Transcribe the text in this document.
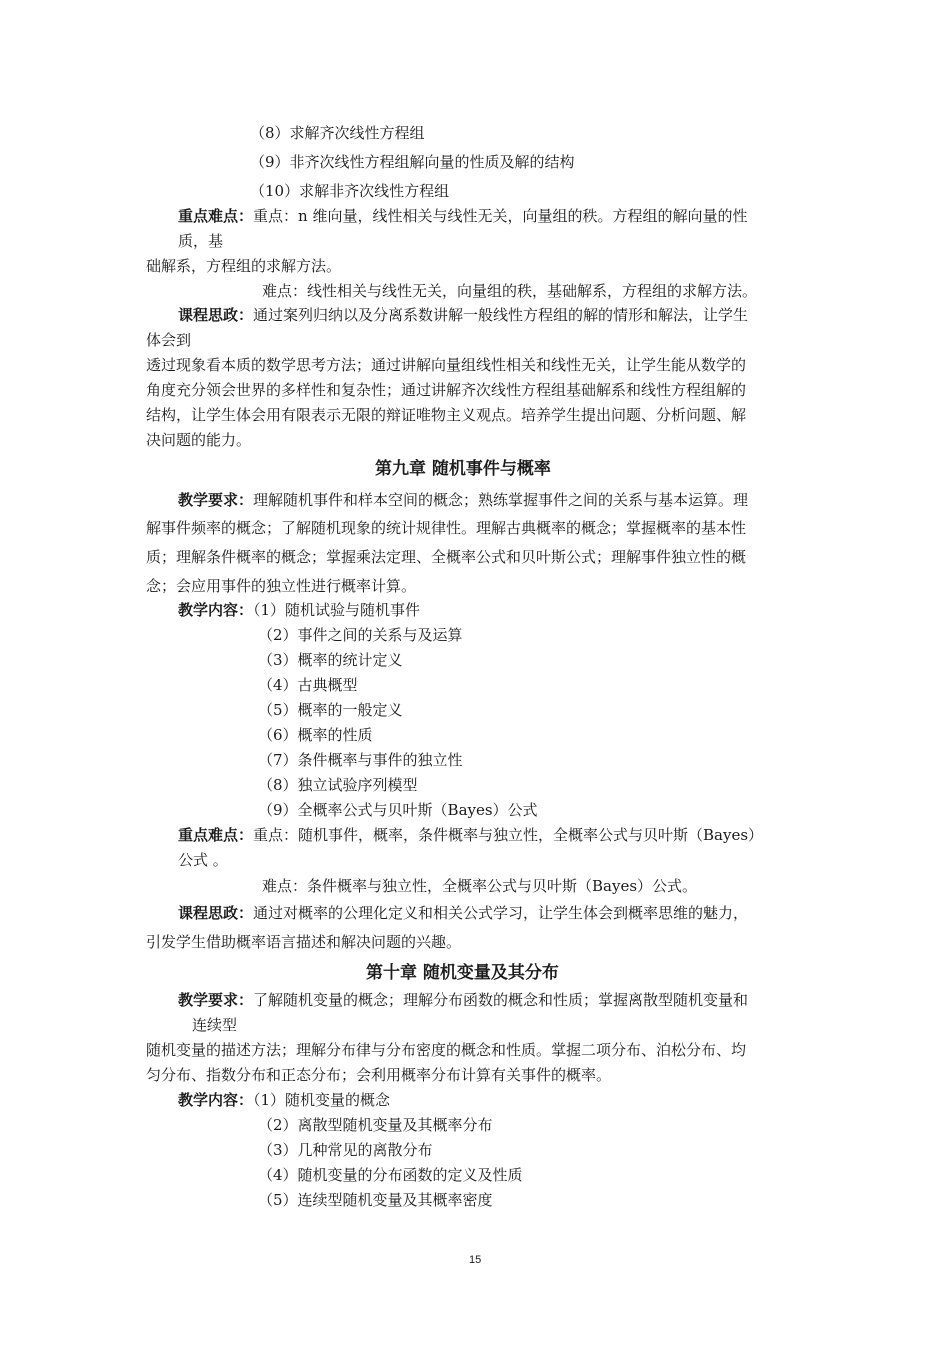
（8）求解齐次线性方程组
（9）非齐次线性方程组解向量的性质及解的结构
（10）求解非齐次线性方程组
重点难点：重点：n 维向量，线性相关与线性无关，向量组的秩。方程组的解向量的性
质，基
础解系，方程组的求解方法。
难点：线性相关与线性无关，向量组的秩，基础解系，方程组的求解方法。
课程思政：通过案列归纳以及分离系数讲解一般线性方程组的解的情形和解法，让学生
体会到
透过现象看本质的数学思考方法；通过讲解向量组线性相关和线性无关，让学生能从数学的
角度充分领会世界的多样性和复杂性；通过讲解齐次线性方程组基础解系和线性方程组解的
结构，让学生体会用有限表示无限的辩证唯物主义观点。培养学生提出问题、分析问题、解
决问题的能力。
第九章 随机事件与概率
教学要求：理解随机事件和样本空间的概念；熟练掌握事件之间的关系与基本运算。理
解事件频率的概念；了解随机现象的统计规律性。理解古典概率的概念；掌握概率的基本性
质；理解条件概率的概念；掌握乘法定理、全概率公式和贝叶斯公式；理解事件独立性的概
念；会应用事件的独立性进行概率计算。
教学内容：（1）随机试验与随机事件
（2）事件之间的关系与及运算
（3）概率的统计定义
（4）古典概型
（5）概率的一般定义
（6）概率的性质
（7）条件概率与事件的独立性
（8）独立试验序列模型
（9）全概率公式与贝叶斯（Bayes）公式
重点难点：重点：随机事件，概率，条件概率与独立性，全概率公式与贝叶斯（Bayes）
公式 。
难点：条件概率与独立性，全概率公式与贝叶斯（Bayes）公式。
课程思政：通过对概率的公理化定义和相关公式学习，让学生体会到概率思维的魅力，
引发学生借助概率语言描述和解决问题的兴趣。
第十章 随机变量及其分布
教学要求：了解随机变量的概念；理解分布函数的概念和性质；掌握离散型随机变量和
连续型
随机变量的描述方法；理解分布律与分布密度的概念和性质。掌握二项分布、泊松分布、均
匀分布、指数分布和正态分布；会利用概率分布计算有关事件的概率。
教学内容：（1）随机变量的概念
（2）离散型随机变量及其概率分布
（3）几种常见的离散分布
（4）随机变量的分布函数的定义及性质
（5）连续型随机变量及其概率密度
15
